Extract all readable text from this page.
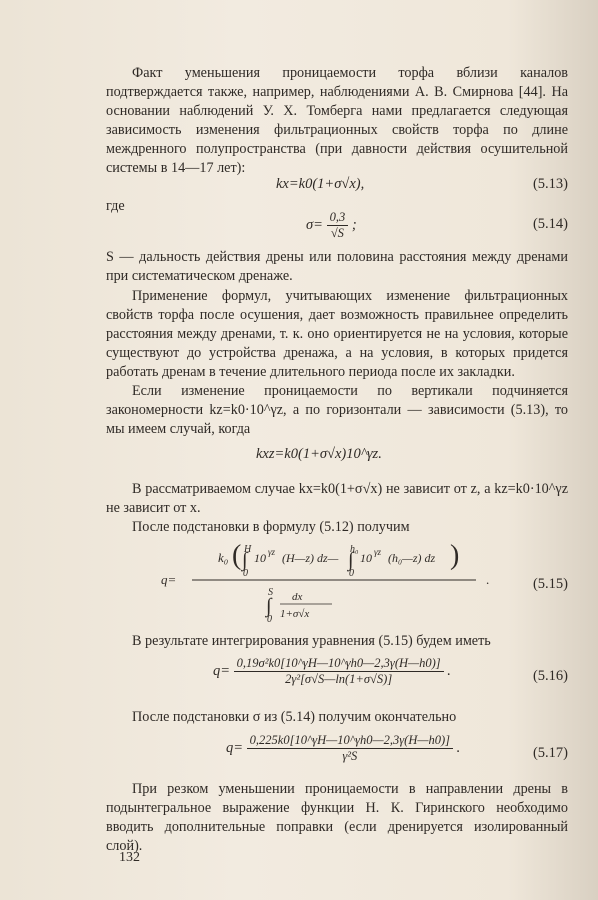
Факт уменьшения проницаемости торфа вблизи каналов подтверждается также, например, наблюдениями А. В. Смирнова [44]. На основании наблюдений У. Х. Томберга нами предлагается следующая зависимость изменения фильтрационных свойств торфа по длине междренного полупространства (при давности действия осушительной системы в 14—17 лет):

kx=k0(1+σ√x),	(5.13)

где

$\sigma= \frac{0,3}{√S}$ ;	(5.14)

S — дальность действия дрены или половина расстояния между дренами при систематическом дренаже.

Применение формул, учитывающих изменение фильтрационных свойств торфа после осушения, дает возможность правильнее определить расстояния между дренами, т. к. оно ориентируется не на условия, которые существуют до устройства дренажа, а на условия, в которых придется работать дренам в течение длительного периода после их закладки.

Если изменение проницаемости по вертикали подчиняется закономерности kz=k0·10^γz, а по горизонтали — зависимости (5.13), то мы имеем случай, когда

kxz=k0(1+σ√x)10^γz.

В рассматриваемом случае kx=k0(1+σ√x) не зависит от z, а kz=k0·10^γz не зависит от x.

После подстановки в формулу (5.12) получим

q=
k₀ ( H
∫
0
10 γz (H—z) dz—
h₀
∫
0
10 γz (h₀—z) dz )
S
∫
0
dx
1+σ√x
.	(5.15)

В результате интегрирования уравнения (5.15) будем иметь

$q= \frac{\text{0,19σ²k0[10\textasciicircum{}γH—10\textasciicircum{}γh0—2,3γ(H—h0)]}}{\text{2γ²[σ√S—ln(1+σ√S)]}}$ .	(5.16)

После подстановки σ из (5.14) получим окончательно

$q= \frac{0,225k0[10\^{}\gamma H—10\^{}\gamma h0—2,3\gamma(H—h0)]}{\text{γ²S}}$ .	(5.17)

При резком уменьшении проницаемости в направлении дрены в подынтегральное выражение функции Н. К. Гиринского необходимо вводить дополнительные поправки (если дренируется изолированный слой).

132
